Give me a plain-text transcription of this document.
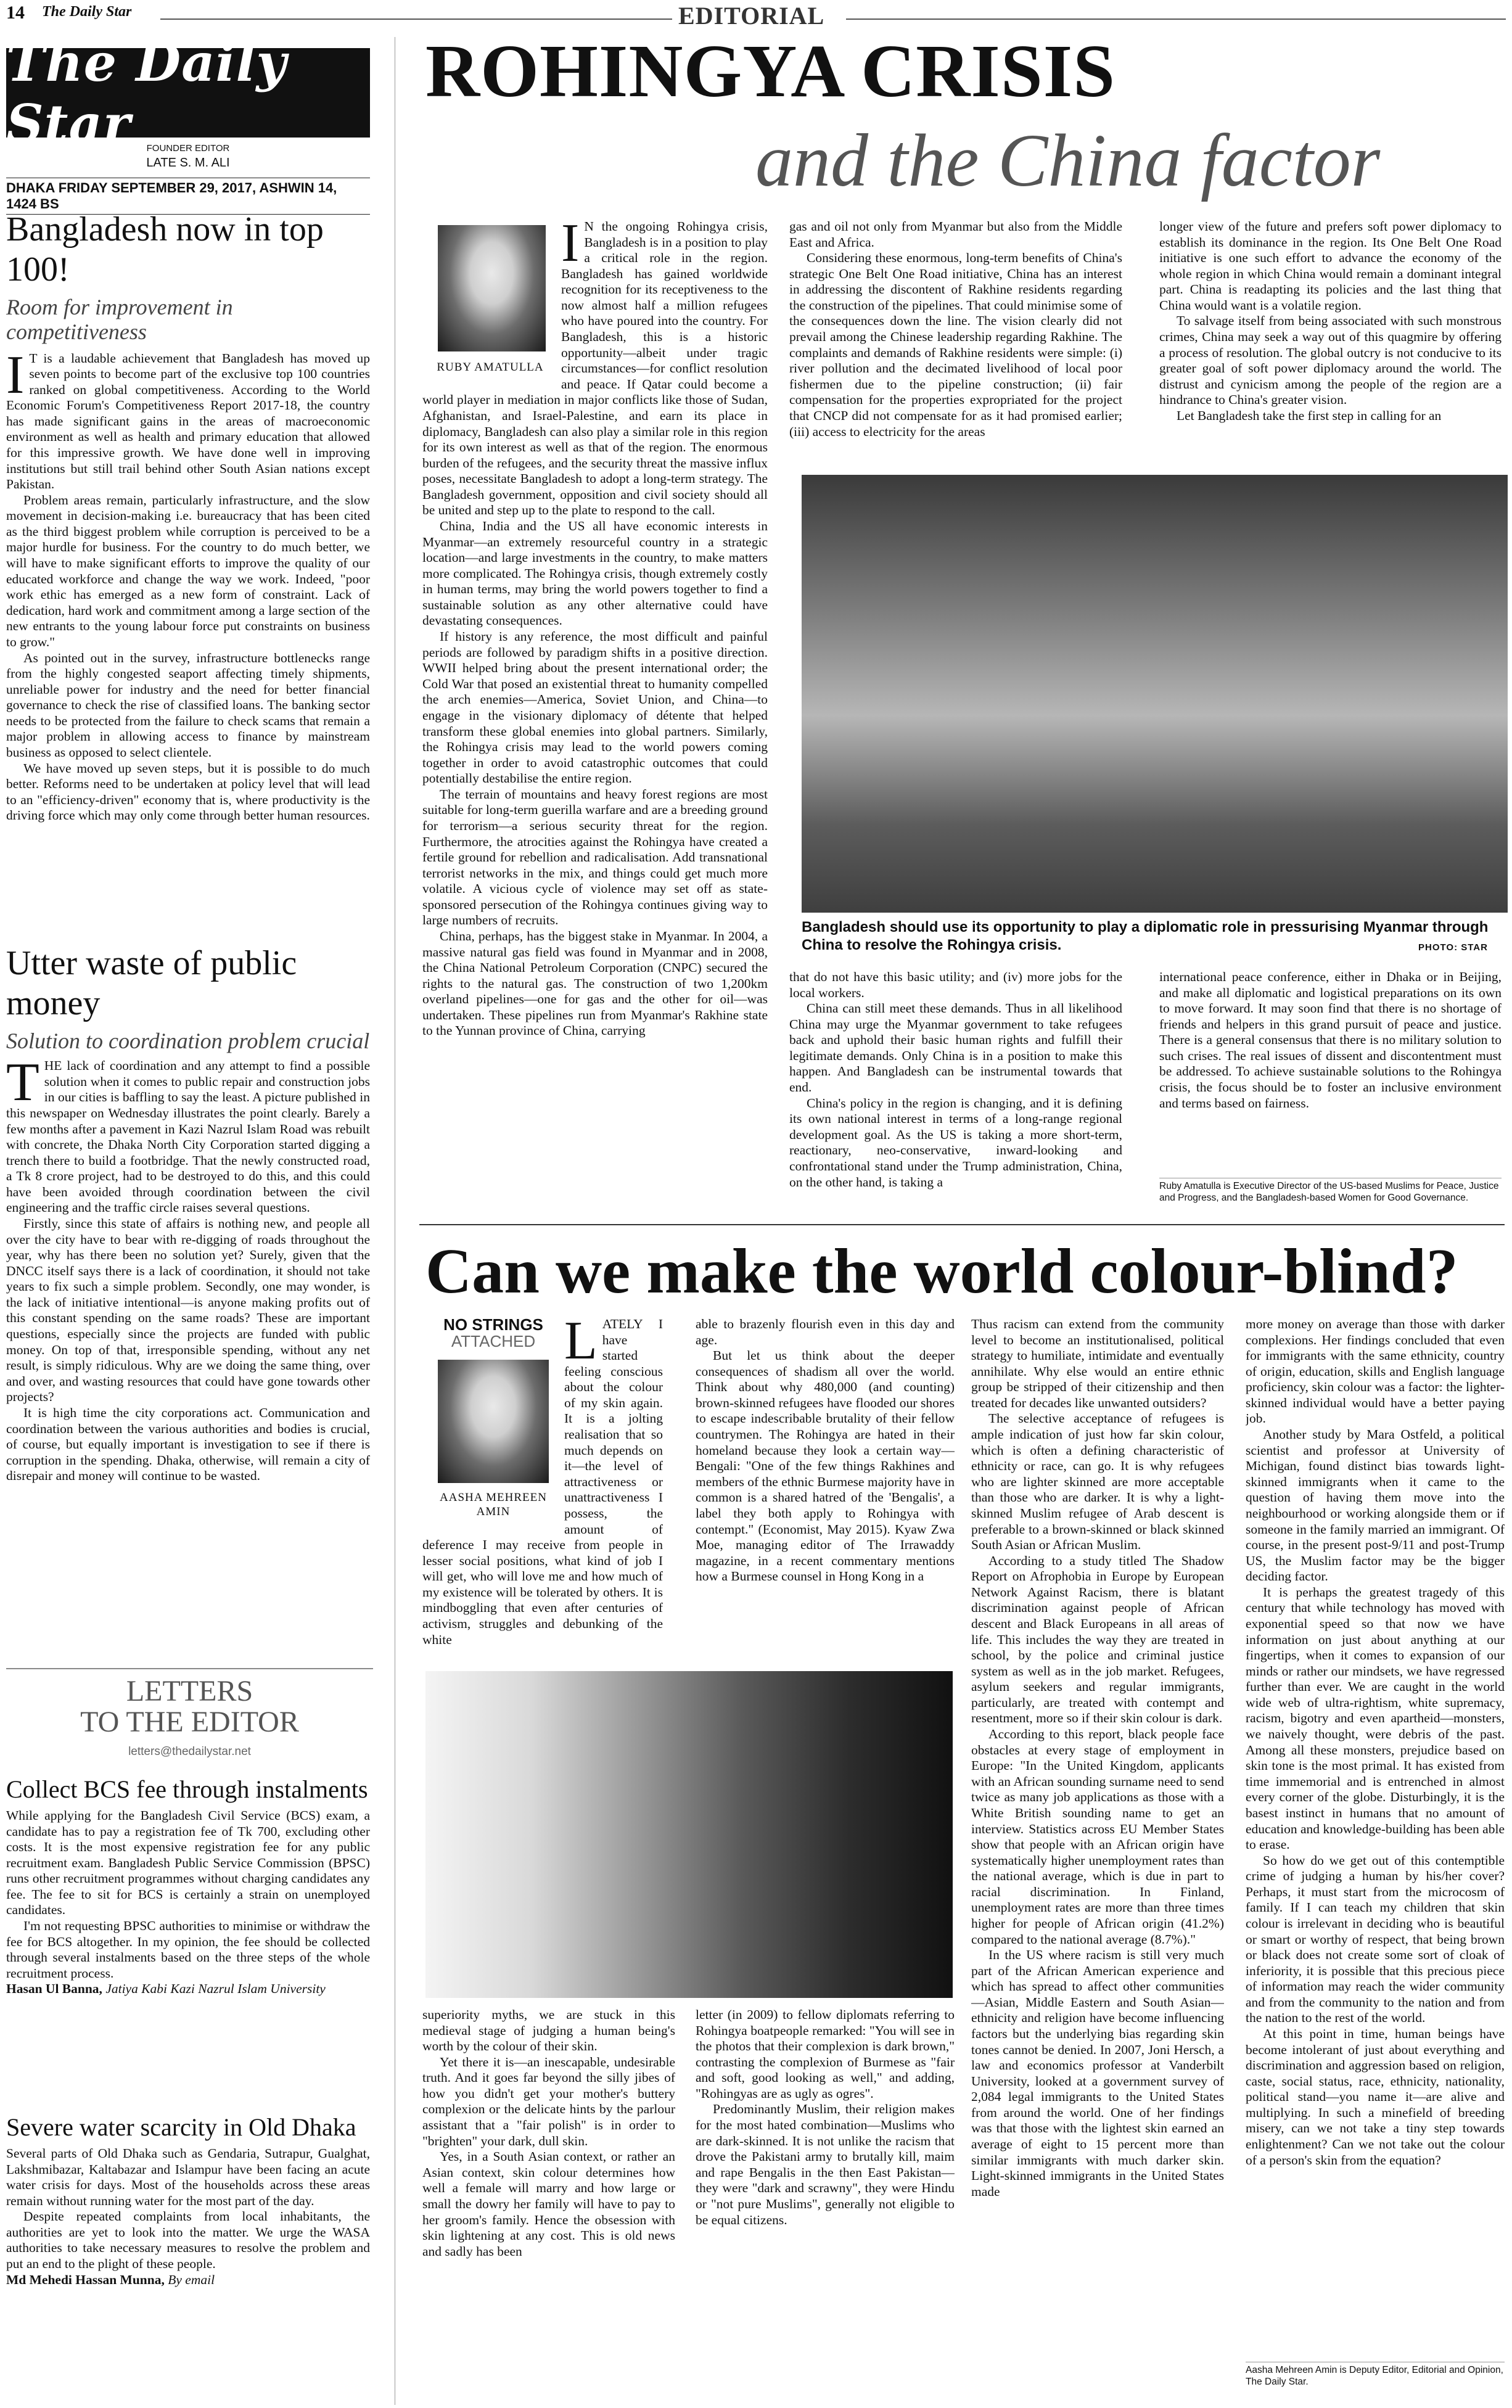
14 The Daily Star	EDITORIAL
The Daily Star	FOUNDER EDITOR
LATE S. M. ALI
DHAKA FRIDAY SEPTEMBER 29, 2017, ASHWIN 14, 1424 BS
Bangladesh now in top 100!
Room for improvement in competitiveness
I T is a laudable achievement that Bangladesh has moved up seven points to become part of the exclusive top 100 countries ranked on global competitiveness. According to the World Economic Forum's Competitiveness Report 2017-18, the country has made significant gains in the areas of macroeconomic environment as well as health and primary education that allowed for this impressive growth. We have done well in improving institutions but still trail behind other South Asian nations except Pakistan.

Problem areas remain, particularly infrastructure, and the slow movement in decision-making i.e. bureaucracy that has been cited as the third biggest problem while corruption is perceived to be a major hurdle for business. For the country to do much better, we will have to make significant efforts to improve the quality of our educated workforce and change the way we work. Indeed, "poor work ethic has emerged as a new form of constraint. Lack of dedication, hard work and commitment among a large section of the new entrants to the young labour force put constraints on business to grow."

As pointed out in the survey, infrastructure bottlenecks range from the highly congested seaport affecting timely shipments, unreliable power for industry and the need for better financial governance to check the rise of classified loans. The banking sector needs to be protected from the failure to check scams that remain a major problem in allowing access to finance by mainstream business as opposed to select clientele.

We have moved up seven steps, but it is possible to do much better. Reforms need to be undertaken at policy level that will lead to an "efficiency-driven" economy that is, where productivity is the driving force which may only come through better human resources.

Utter waste of public money
Solution to coordination problem crucial
T HE lack of coordination and any attempt to find a possible solution when it comes to public repair and construction jobs in our cities is baffling to say the least. A picture published in this newspaper on Wednesday illustrates the point clearly. Barely a few months after a pavement in Kazi Nazrul Islam Road was rebuilt with concrete, the Dhaka North City Corporation started digging a trench there to build a footbridge. That the newly constructed road, a Tk 8 crore project, had to be destroyed to do this, and this could have been avoided through coordination between the civil engineering and the traffic circle raises several questions.

Firstly, since this state of affairs is nothing new, and people all over the city have to bear with re-digging of roads throughout the year, why has there been no solution yet? Surely, given that the DNCC itself says there is a lack of coordination, it should not take years to fix such a simple problem. Secondly, one may wonder, is the lack of initiative intentional—is anyone making profits out of this constant spending on the same roads? These are important questions, especially since the projects are funded with public money. On top of that, irresponsible spending, without any net result, is simply ridiculous. Why are we doing the same thing, over and over, and wasting resources that could have gone towards other projects?

It is high time the city corporations act. Communication and coordination between the various authorities and bodies is crucial, of course, but equally important is investigation to see if there is corruption in the spending. Dhaka, otherwise, will remain a city of disrepair and money will continue to be wasted.

LETTERS
TO THE EDITOR
letters@thedailystar.net
Collect BCS fee through instalments

While applying for the Bangladesh Civil Service (BCS) exam, a candidate has to pay a registration fee of Tk 700, excluding other costs. It is the most expensive registration fee for any public recruitment exam. Bangladesh Public Service Commission (BPSC) runs other recruitment programmes without charging candidates any fee. The fee to sit for BCS is certainly a strain on unemployed candidates.

I'm not requesting BPSC authorities to minimise or withdraw the fee for BCS altogether. In my opinion, the fee should be collected through several instalments based on the three steps of the whole recruitment process.

Hasan Ul Banna, Jatiya Kabi Kazi Nazrul Islam University

Severe water scarcity in Old Dhaka

Several parts of Old Dhaka such as Gendaria, Sutrapur, Gualghat, Lakshmibazar, Kaltabazar and Islampur have been facing an acute water crisis for days. Most of the households across these areas remain without running water for the most part of the day.

Despite repeated complaints from local inhabitants, the authorities are yet to look into the matter. We urge the WASA authorities to take necessary measures to resolve the problem and put an end to the plight of these people.

Md Mehedi Hassan Munna, By email

ROHINGYA CRISIS
and the China factor
RUBY AMATULLA
I N the ongoing Rohingya crisis, Bangladesh is in a position to play a critical role in the region. Bangladesh has gained worldwide recognition for its receptiveness to the now almost half a million refugees who have poured into the country. For Bangladesh, this is a historic opportunity—albeit under tragic circumstances—for conflict resolution and peace. If Qatar could become a world player in mediation in major conflicts like those of Sudan, Afghanistan, and Israel-Palestine, and earn its place in diplomacy, Bangladesh can also play a similar role in this region for its own interest as well as that of the region. The enormous burden of the refugees, and the security threat the massive influx poses, necessitate Bangladesh to adopt a long-term strategy. The Bangladesh government, opposition and civil society should all be united and step up to the plate to respond to the call.

China, India and the US all have economic interests in Myanmar—an extremely resourceful country in a strategic location—and large investments in the country, to make matters more complicated. The Rohingya crisis, though extremely costly in human terms, may bring the world powers together to find a sustainable solution as any other alternative could have devastating consequences.

If history is any reference, the most difficult and painful periods are followed by paradigm shifts in a positive direction. WWII helped bring about the present international order; the Cold War that posed an existential threat to humanity compelled the arch enemies—America, Soviet Union, and China—to engage in the visionary diplomacy of détente that helped transform these global enemies into global partners. Similarly, the Rohingya crisis may lead to the world powers coming together in order to avoid catastrophic outcomes that could potentially destabilise the entire region.

The terrain of mountains and heavy forest regions are most suitable for long-term guerilla warfare and are a breeding ground for terrorism—a serious security threat for the region. Furthermore, the atrocities against the Rohingya have created a fertile ground for rebellion and radicalisation. Add transnational terrorist networks in the mix, and things could get much more volatile. A vicious cycle of violence may set off as state-sponsored persecution of the Rohingya continues giving way to large numbers of recruits.

China, perhaps, has the biggest stake in Myanmar. In 2004, a massive natural gas field was found in Myanmar and in 2008, the China National Petroleum Corporation (CNPC) secured the rights to the natural gas. The construction of two 1,200km overland pipelines—one for gas and the other for oil—was undertaken. These pipelines run from Myanmar's Rakhine state to the Yunnan province of China, carrying

gas and oil not only from Myanmar but also from the Middle East and Africa.

Considering these enormous, long-term benefits of China's strategic One Belt One Road initiative, China has an interest in addressing the discontent of Rakhine residents regarding the construction of the pipelines. That could minimise some of the consequences down the line. The vision clearly did not prevail among the Chinese leadership regarding Rakhine. The complaints and demands of Rakhine residents were simple: (i) river pollution and the decimated livelihood of local poor fishermen due to the pipeline construction; (ii) fair compensation for the properties expropriated for the project that CNCP did not compensate for as it had promised earlier; (iii) access to electricity for the areas

longer view of the future and prefers soft power diplomacy to establish its dominance in the region. Its One Belt One Road initiative is one such effort to advance the economy of the whole region in which China would remain a dominant integral part. China is readapting its policies and the last thing that China would want is a volatile region.

To salvage itself from being associated with such monstrous crimes, China may seek a way out of this quagmire by offering a process of resolution. The global outcry is not conducive to its greater goal of soft power diplomacy around the world. The distrust and cynicism among the people of the region are a hindrance to China's greater vision.

Let Bangladesh take the first step in calling for an

Bangladesh should use its opportunity to play a diplomatic role in pressurising Myanmar through China to resolve the Rohingya crisis.	PHOTO: STAR

that do not have this basic utility; and (iv) more jobs for the local workers.

China can still meet these demands. Thus in all likelihood China may urge the Myanmar government to take refugees back and uphold their basic human rights and fulfill their legitimate demands. Only China is in a position to make this happen. And Bangladesh can be instrumental towards that end.

China's policy in the region is changing, and it is defining its own national interest in terms of a long-range regional development goal. As the US is taking a more short-term, reactionary, neo-conservative, inward-looking and confrontational stand under the Trump administration, China, on the other hand, is taking a

international peace conference, either in Dhaka or in Beijing, and make all diplomatic and logistical preparations on its own to move forward. It may soon find that there is no shortage of friends and helpers in this grand pursuit of peace and justice. There is a general consensus that there is no military solution to such crises. The real issues of dissent and discontentment must be addressed. To achieve sustainable solutions to the Rohingya crisis, the focus should be to foster an inclusive environment and terms based on fairness.

Ruby Amatulla is Executive Director of the US-based Muslims for Peace, Justice and Progress, and the Bangladesh-based Women for Good Governance.
Can we make the world colour-blind?
NO STRINGS
ATTACHED
AASHA MEHREEN
AMIN
L ATELY I have started feeling conscious about the colour of my skin again. It is a jolting realisation that so much depends on it—the level of attractiveness or unattractiveness I possess, the amount of deference I may receive from people in lesser social positions, what kind of job I will get, who will love me and how much of my existence will be tolerated by others. It is mindboggling that even after centuries of activism, struggles and debunking of the white

able to brazenly flourish even in this day and age.

But let us think about the deeper consequences of shadism all over the world. Think about why 480,000 (and counting) brown-skinned refugees have flooded our shores to escape indescribable brutality of their fellow countrymen. The Rohingya are hated in their homeland because they look a certain way—Bengali: "One of the few things Rakhines and members of the ethnic Burmese majority have in common is a shared hatred of the 'Bengalis', a label they both apply to Rohingya with contempt." (Economist, May 2015). Kyaw Zwa Moe, managing editor of The Irrawaddy magazine, in a recent commentary mentions how a Burmese counsel in Hong Kong in a

superiority myths, we are stuck in this medieval stage of judging a human being's worth by the colour of their skin.

Yet there it is—an inescapable, undesirable truth. And it goes far beyond the silly jibes of how you didn't get your mother's buttery complexion or the delicate hints by the parlour assistant that a "fair polish" is in order to "brighten" your dark, dull skin.

Yes, in a South Asian context, or rather an Asian context, skin colour determines how well a female will marry and how large or small the dowry her family will have to pay to her groom's family. Hence the obsession with skin lightening at any cost. This is old news and sadly has been

letter (in 2009) to fellow diplomats referring to Rohingya boatpeople remarked: "You will see in the photos that their complexion is dark brown," contrasting the complexion of Burmese as "fair and soft, good looking as well," and adding, "Rohingyas are as ugly as ogres".

Predominantly Muslim, their religion makes for the most hated combination—Muslims who are dark-skinned. It is not unlike the racism that drove the Pakistani army to brutally kill, maim and rape Bengalis in the then East Pakistan—they were "dark and scrawny", they were Hindu or "not pure Muslims", generally not eligible to be equal citizens.

Thus racism can extend from the community level to become an institutionalised, political strategy to humiliate, intimidate and eventually annihilate. Why else would an entire ethnic group be stripped of their citizenship and then treated for decades like unwanted outsiders?

The selective acceptance of refugees is ample indication of just how far skin colour, which is often a defining characteristic of ethnicity or race, can go. It is why refugees who are lighter skinned are more acceptable than those who are darker. It is why a light-skinned Muslim refugee of Arab descent is preferable to a brown-skinned or black skinned South Asian or African Muslim.

According to a study titled The Shadow Report on Afrophobia in Europe by European Network Against Racism, there is blatant discrimination against people of African descent and Black Europeans in all areas of life. This includes the way they are treated in school, by the police and criminal justice system as well as in the job market. Refugees, asylum seekers and regular immigrants, particularly, are treated with contempt and resentment, more so if their skin colour is dark.

According to this report, black people face obstacles at every stage of employment in Europe: "In the United Kingdom, applicants with an African sounding surname need to send twice as many job applications as those with a White British sounding name to get an interview. Statistics across EU Member States show that people with an African origin have systematically higher unemployment rates than the national average, which is due in part to racial discrimination. In Finland, unemployment rates are more than three times higher for people of African origin (41.2%) compared to the national average (8.7%)."

In the US where racism is still very much part of the African American experience and which has spread to affect other communities—Asian, Middle Eastern and South Asian—ethnicity and religion have become influencing factors but the underlying bias regarding skin tones cannot be denied. In 2007, Joni Hersch, a law and economics professor at Vanderbilt University, looked at a government survey of 2,084 legal immigrants to the United States from around the world. One of her findings was that those with the lightest skin earned an average of eight to 15 percent more than similar immigrants with much darker skin. Light-skinned immigrants in the United States made

more money on average than those with darker complexions. Her findings concluded that even for immigrants with the same ethnicity, country of origin, education, skills and English language proficiency, skin colour was a factor: the lighter-skinned individual would have a better paying job.

Another study by Mara Ostfeld, a political scientist and professor at University of Michigan, found distinct bias towards light-skinned immigrants when it came to the question of having them move into the neighbourhood or working alongside them or if someone in the family married an immigrant. Of course, in the present post-9/11 and post-Trump US, the Muslim factor may be the bigger deciding factor.

It is perhaps the greatest tragedy of this century that while technology has moved with exponential speed so that now we have information on just about anything at our fingertips, when it comes to expansion of our minds or rather our mindsets, we have regressed further than ever. We are caught in the world wide web of ultra-rightism, white supremacy, racism, bigotry and even apartheid—monsters, we naively thought, were debris of the past. Among all these monsters, prejudice based on skin tone is the most primal. It has existed from time immemorial and is entrenched in almost every corner of the globe. Disturbingly, it is the basest instinct in humans that no amount of education and knowledge-building has been able to erase.

So how do we get out of this contemptible crime of judging a human by his/her cover? Perhaps, it must start from the microcosm of family. If I can teach my children that skin colour is irrelevant in deciding who is beautiful or smart or worthy of respect, that being brown or black does not create some sort of cloak of inferiority, it is possible that this precious piece of information may reach the wider community and from the community to the nation and from the nation to the rest of the world.

At this point in time, human beings have become intolerant of just about everything and discrimination and aggression based on religion, caste, social status, race, ethnicity, nationality, political stand—you name it—are alive and multiplying. In such a minefield of breeding misery, can we not take a tiny step towards enlightenment? Can we not take out the colour of a person's skin from the equation?

Aasha Mehreen Amin is Deputy Editor, Editorial and Opinion, The Daily Star.
